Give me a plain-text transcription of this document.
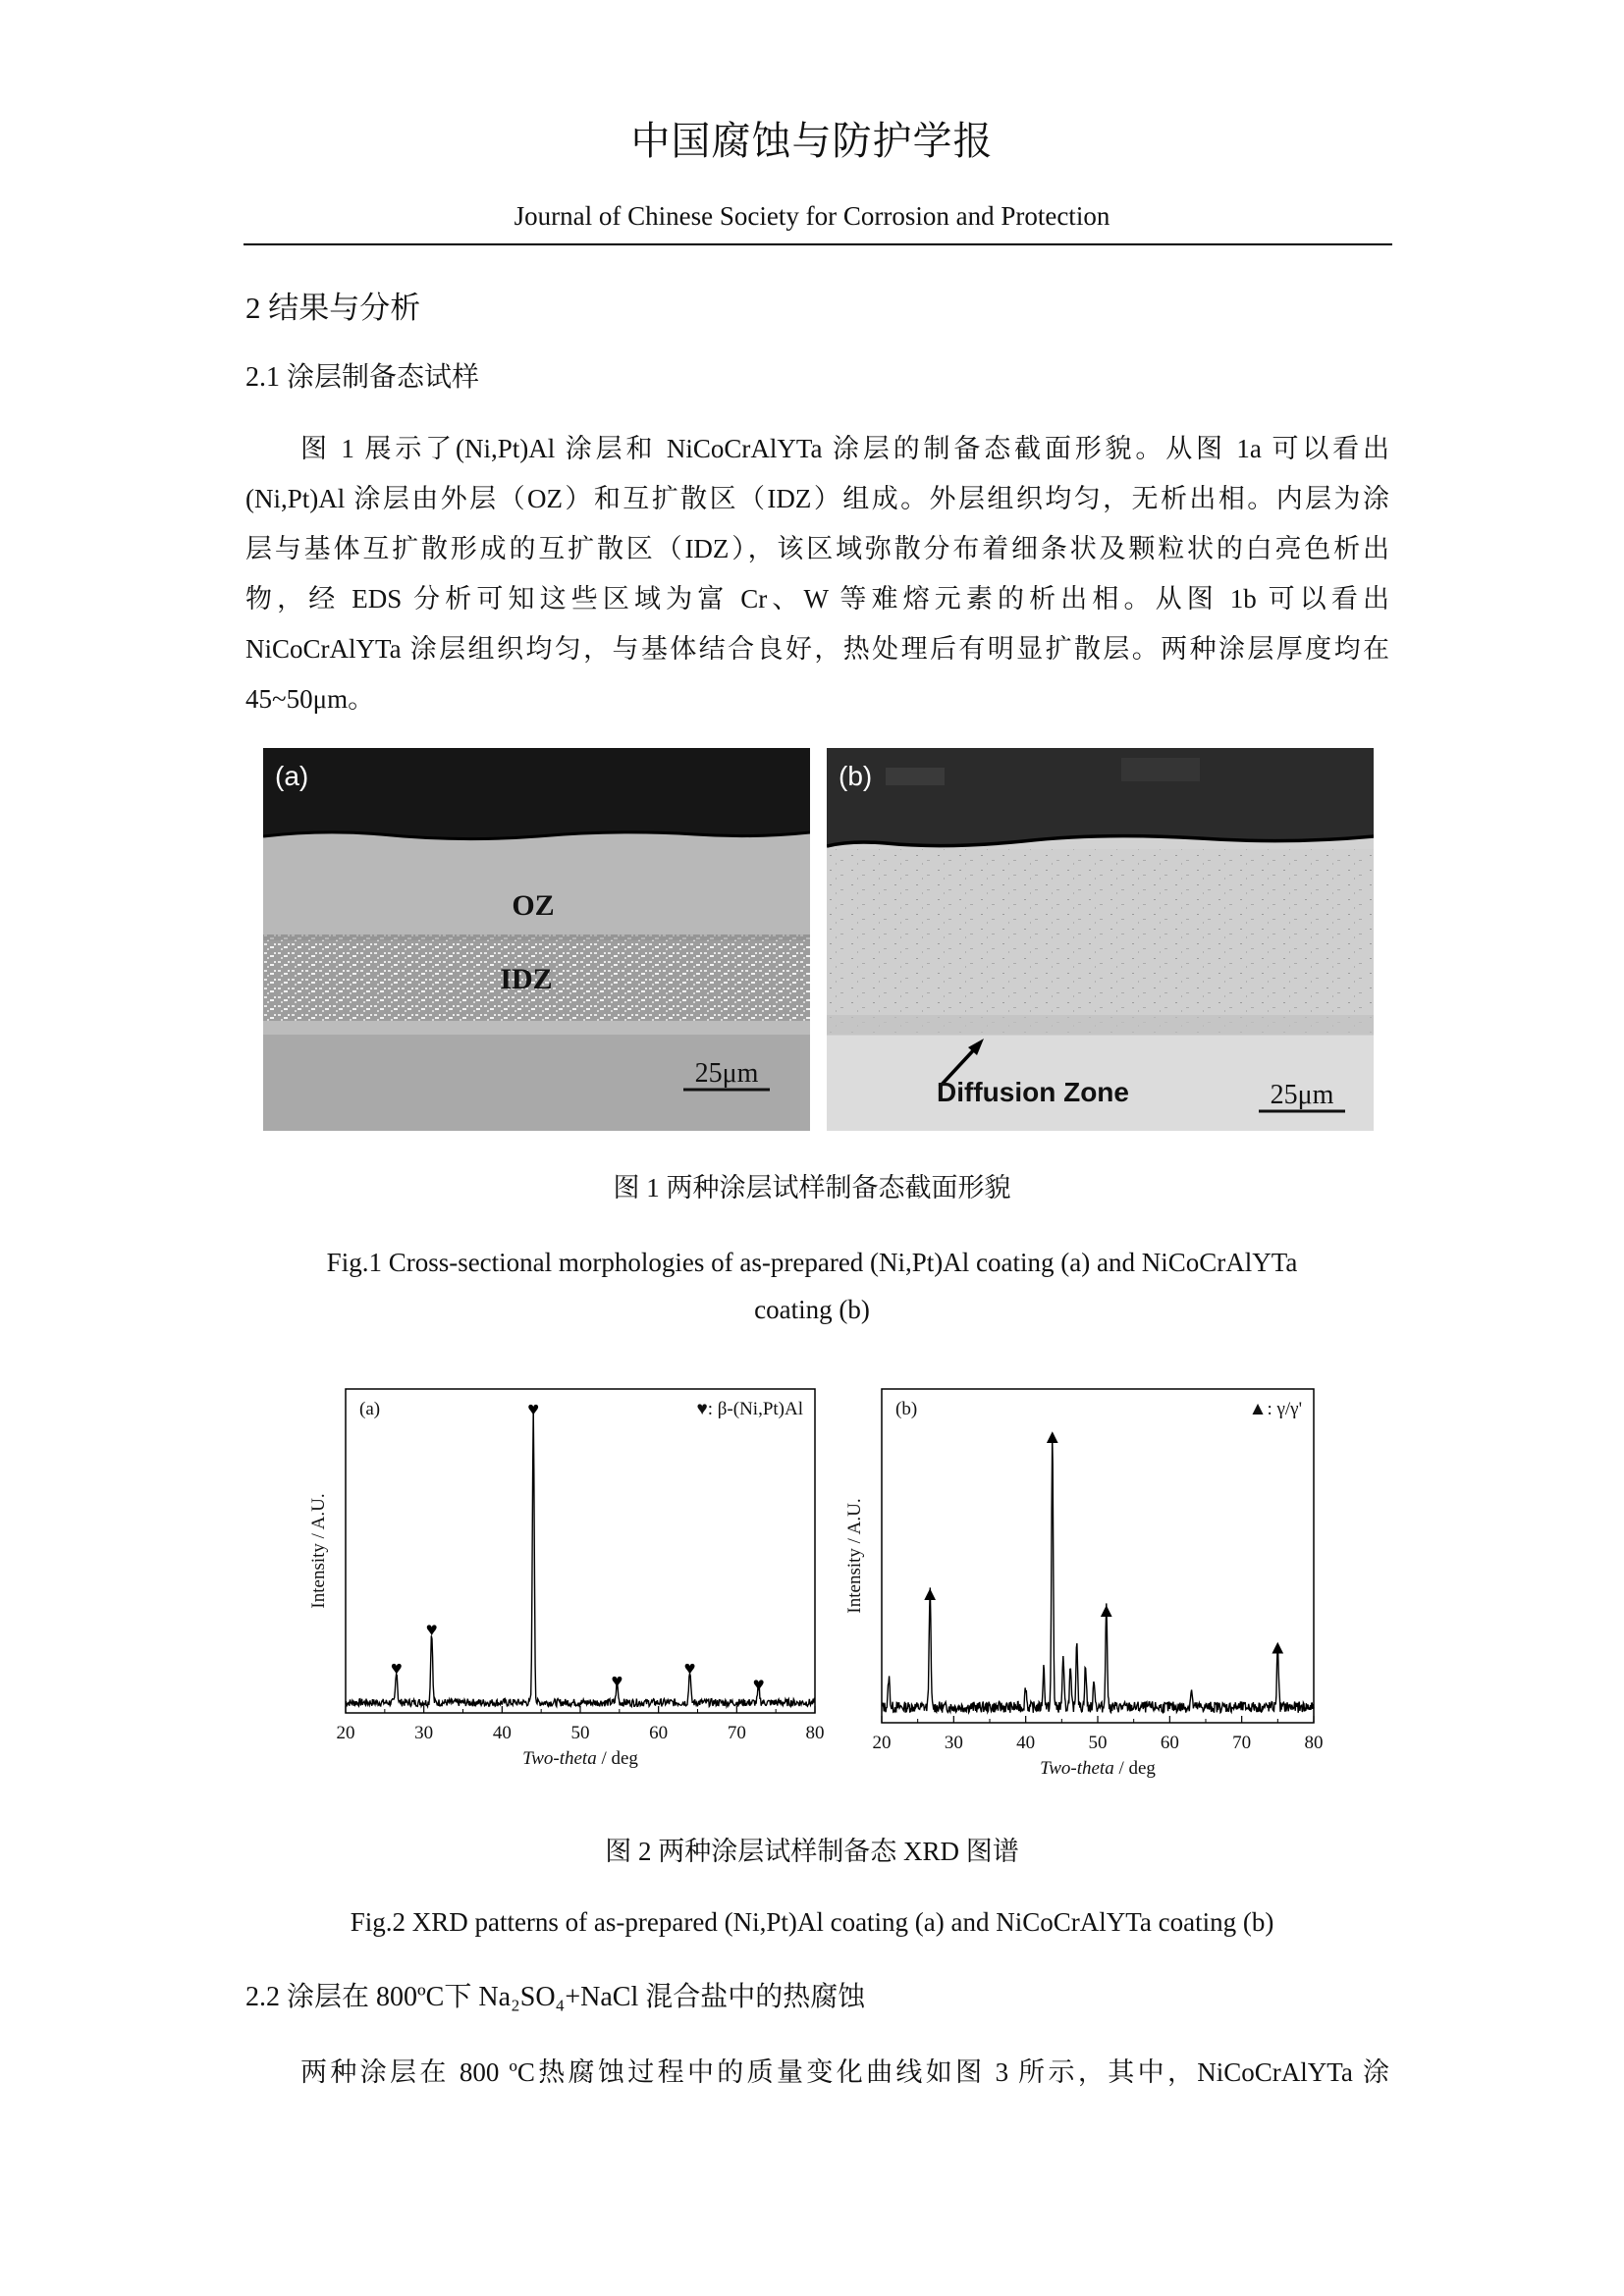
中国腐蚀与防护学报
Journal of Chinese Society for Corrosion and Protection
2 结果与分析
2.1 涂层制备态试样
图 1 展示了(Ni,Pt)Al 涂层和 NiCoCrAlYTa 涂层的制备态截面形貌。从图 1a 可以看出
(Ni,Pt)Al 涂层由外层（OZ）和互扩散区（IDZ）组成。外层组织均匀，无析出相。内层为涂
层与基体互扩散形成的互扩散区（IDZ），该区域弥散分布着细条状及颗粒状的白亮色析出
物，经 EDS 分析可知这些区域为富 Cr、W 等难熔元素的析出相。从图 1b 可以看出
NiCoCrAlYTa 涂层组织均匀，与基体结合良好，热处理后有明显扩散层。两种涂层厚度均在
45~50μm。
(a)
OZ
IDZ
25μm
(b)
Diffusion Zone	25μm
图 1 两种涂层试样制备态截面形貌
Fig.1 Cross-sectional morphologies of as-prepared (Ni,Pt)Al coating (a) and NiCoCrAlYTa
coating (b)
20	30	40	50	60	70	80
Two-theta / deg
Intensity / A.U.
(a)	♥: β-(Ni,Pt)Al
♥
♥
♥
♥
♥
♥
20	30	40	50	60	70	80
Two-theta / deg
Intensity / A.U.
(b)	▲: γ/γ'
▲
▲
▲
▲
图 2 两种涂层试样制备态 XRD 图谱
Fig.2 XRD patterns of as-prepared (Ni,Pt)Al coating (a) and NiCoCrAlYTa coating (b)
2.2 涂层在 800ºC下 Na₂SO₄+NaCl 混合盐中的热腐蚀
两种涂层在 800 ºC热腐蚀过程中的质量变化曲线如图 3 所示，其中，NiCoCrAlYTa 涂
